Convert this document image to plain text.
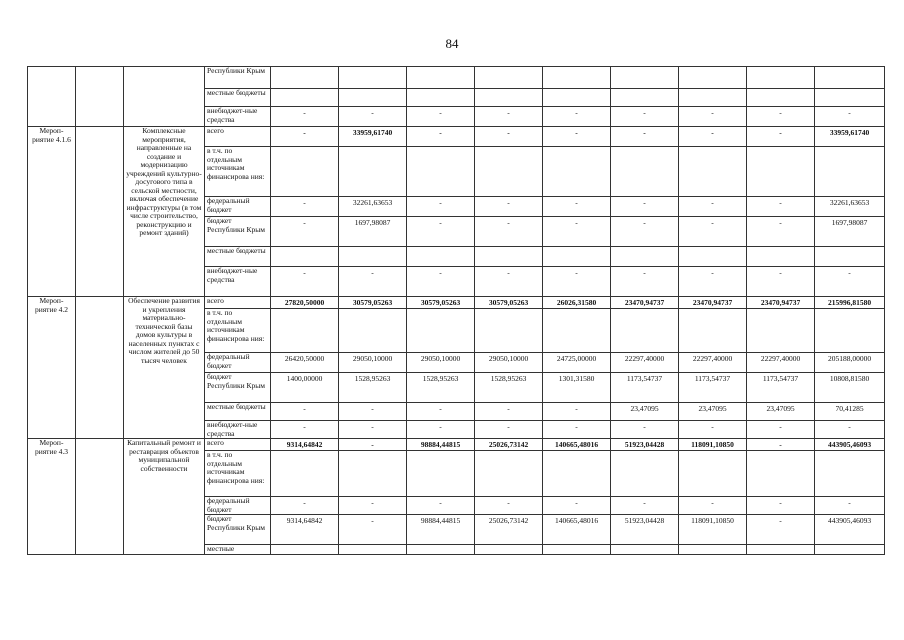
84
			Республики Крым									
			местные бюджеты									
			внебюджет-ные средства	-	-	-	-	-	-	-	-	-
Мероп-риятие 4.1.6		Комплексные мероприятия, направленные на создание и модернизацию учреждений культурно-досугового типа в сельской местности, включая обеспечение инфраструктуры (в том числе строительство, реконструкцию и ремонт зданий)	всего	-	33959,61740	-	-	-	-	-	-	33959,61740
			в т.ч. по отдельным источникам финансирова ния:									
			федеральный бюджет	-	32261,63653	-	-	-	-	-	-	32261,63653
			бюджет Республики Крым	-	1697,98087	-	-	-	-	-	-	1697,98087
			местные бюджеты									
			внебюджет-ные средства	-	-	-	-	-	-	-	-	-
Мероп-риятие 4.2		Обеспечение развития и укрепления материально-технической базы домов культуры в населенных пунктах с числом жителей до 50 тысяч человек	всего	27820,50000	30579,05263	30579,05263	30579,05263	26026,31580	23470,94737	23470,94737	23470,94737	215996,81580
			в т.ч. по отдельным источникам финансирова ния:									
			федеральный бюджет	26420,50000	29050,10000	29050,10000	29050,10000	24725,00000	22297,40000	22297,40000	22297,40000	205188,00000
			бюджет Республики Крым	1400,00000	1528,95263	1528,95263	1528,95263	1301,31580	1173,54737	1173,54737	1173,54737	10808,81580
			местные бюджеты	-	-	-	-	-	23,47095	23,47095	23,47095	70,41285
			внебюджет-ные средства	-	-	-	-	-	-	-	-	-
Мероп-риятие 4.3		Капитальный ремонт и реставрация объектов муниципальной собственности	всего	9314,64842	-	98884,44815	25026,73142	140665,48016	51923,04428	118091,10850	-	443905,46093
			в т.ч. по отдельным источникам финансирова ния:									
			федеральный бюджет	-	-	-	-	-	-	-	-	-
			бюджет Республики Крым	9314,64842	-	98884,44815	25026,73142	140665,48016	51923,04428	118091,10850	-	443905,46093
			местные									
